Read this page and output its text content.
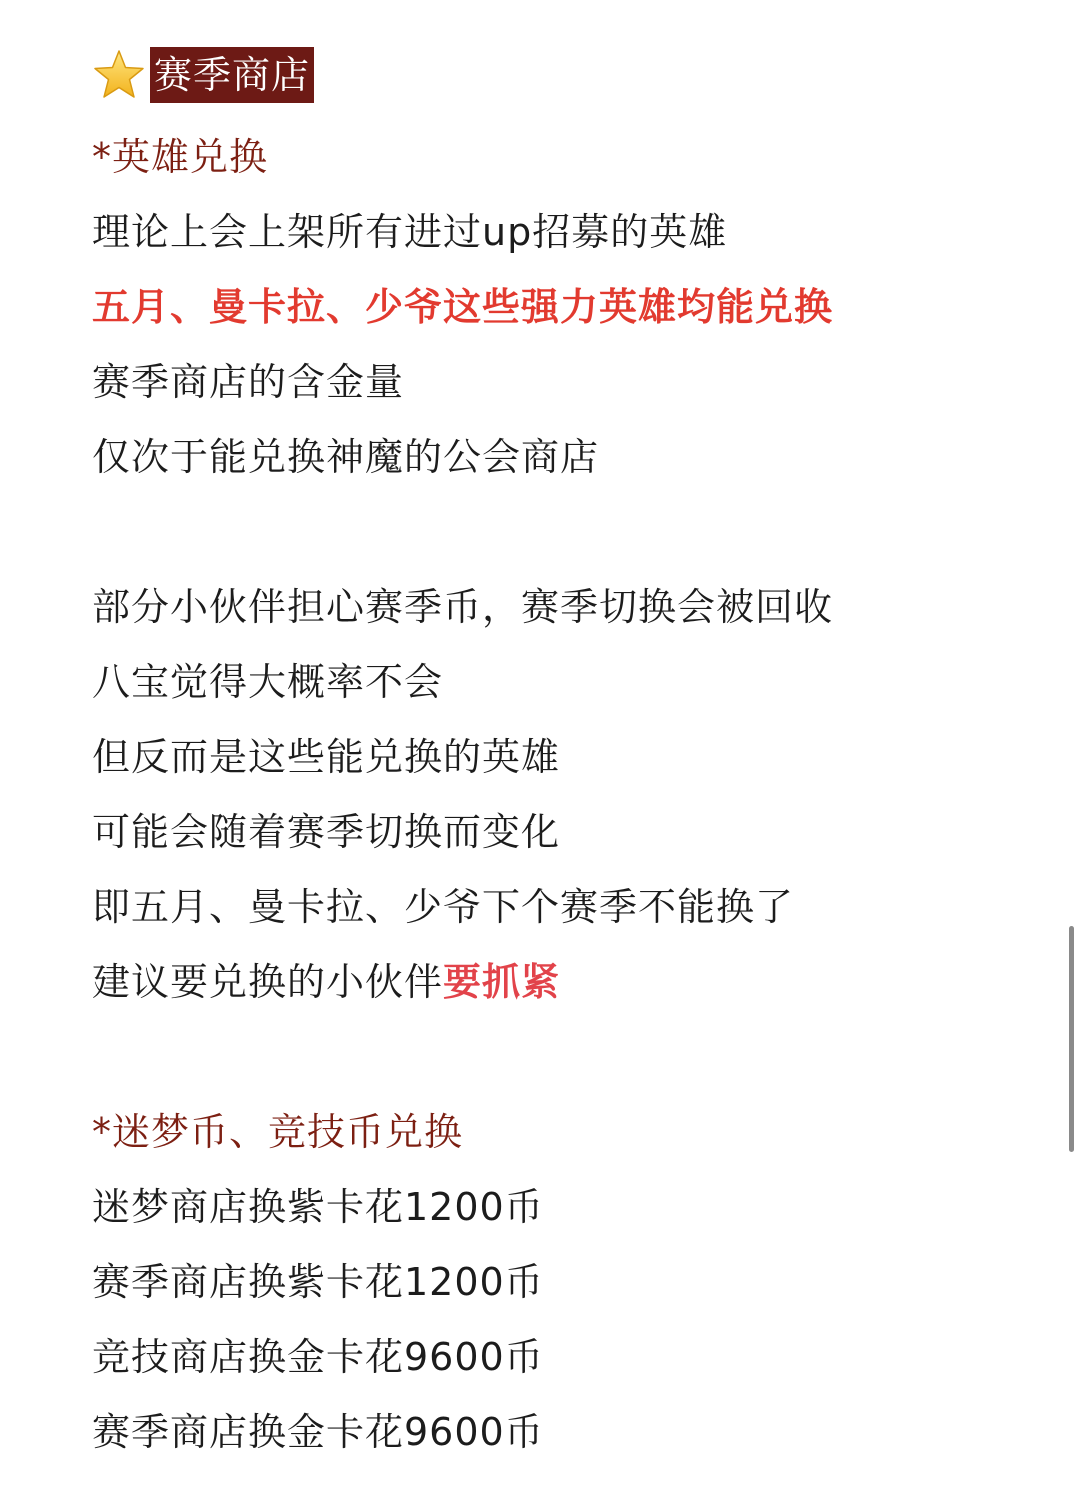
赛季商店
*英雄兑换
理论上会上架所有进过up招募的英雄
五月、曼卡拉、少爷这些强力英雄均能兑换
赛季商店的含金量
仅次于能兑换神魔的公会商店
部分小伙伴担心赛季币，赛季切换会被回收
八宝觉得大概率不会
但反而是这些能兑换的英雄
可能会随着赛季切换而变化
即五月、曼卡拉、少爷下个赛季不能换了
建议要兑换的小伙伴要抓紧
*迷梦币、竞技币兑换
迷梦商店换紫卡花1200币
赛季商店换紫卡花1200币
竞技商店换金卡花9600币
赛季商店换金卡花9600币
